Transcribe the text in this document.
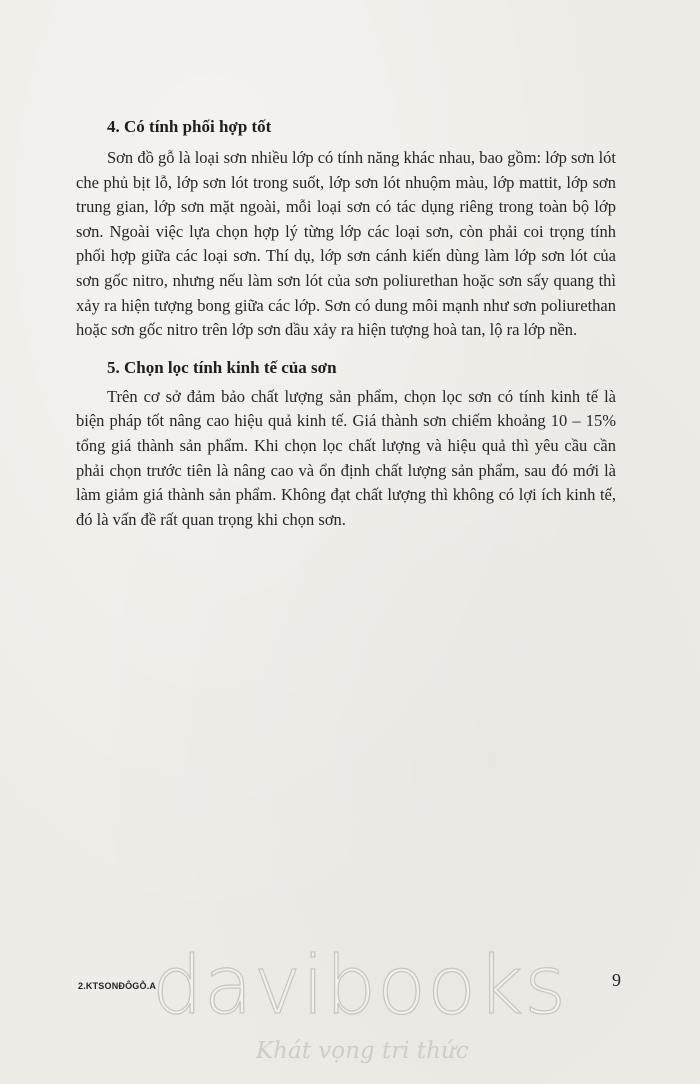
4. Có tính phối hợp tốt

Sơn đồ gỗ là loại sơn nhiều lớp có tính năng khác nhau, bao gồm: lớp sơn lót che phủ bịt lỗ, lớp sơn lót trong suốt, lớp sơn lót nhuộm màu, lớp mattit, lớp sơn trung gian, lớp sơn mặt ngoài, mỗi loại sơn có tác dụng riêng trong toàn bộ lớp sơn. Ngoài việc lựa chọn hợp lý từng lớp các loại sơn, còn phải coi trọng tính phối hợp giữa các loại sơn. Thí dụ, lớp sơn cánh kiến dùng làm lớp sơn lót của sơn gốc nitro, nhưng nếu làm sơn lót của sơn poliurethan hoặc sơn sấy quang thì xảy ra hiện tượng bong giữa các lớp. Sơn có dung môi mạnh như sơn poliurethan hoặc sơn gốc nitro trên lớp sơn dầu xảy ra hiện tượng hoà tan, lộ ra lớp nền.

5. Chọn lọc tính kinh tế của sơn

Trên cơ sở đảm bảo chất lượng sản phẩm, chọn lọc sơn có tính kinh tế là biện pháp tốt nâng cao hiệu quả kinh tế. Giá thành sơn chiếm khoảng 10 – 15% tổng giá thành sản phẩm. Khi chọn lọc chất lượng và hiệu quả thì yêu cầu cần phải chọn trước tiên là nâng cao và ổn định chất lượng sản phẩm, sau đó mới là làm giảm giá thành sản phẩm. Không đạt chất lượng thì không có lợi ích kinh tế, đó là vấn đề rất quan trọng khi chọn sơn.

2.KTSONĐÔGỖ.A	9
davibooks
Khát vọng tri thức
